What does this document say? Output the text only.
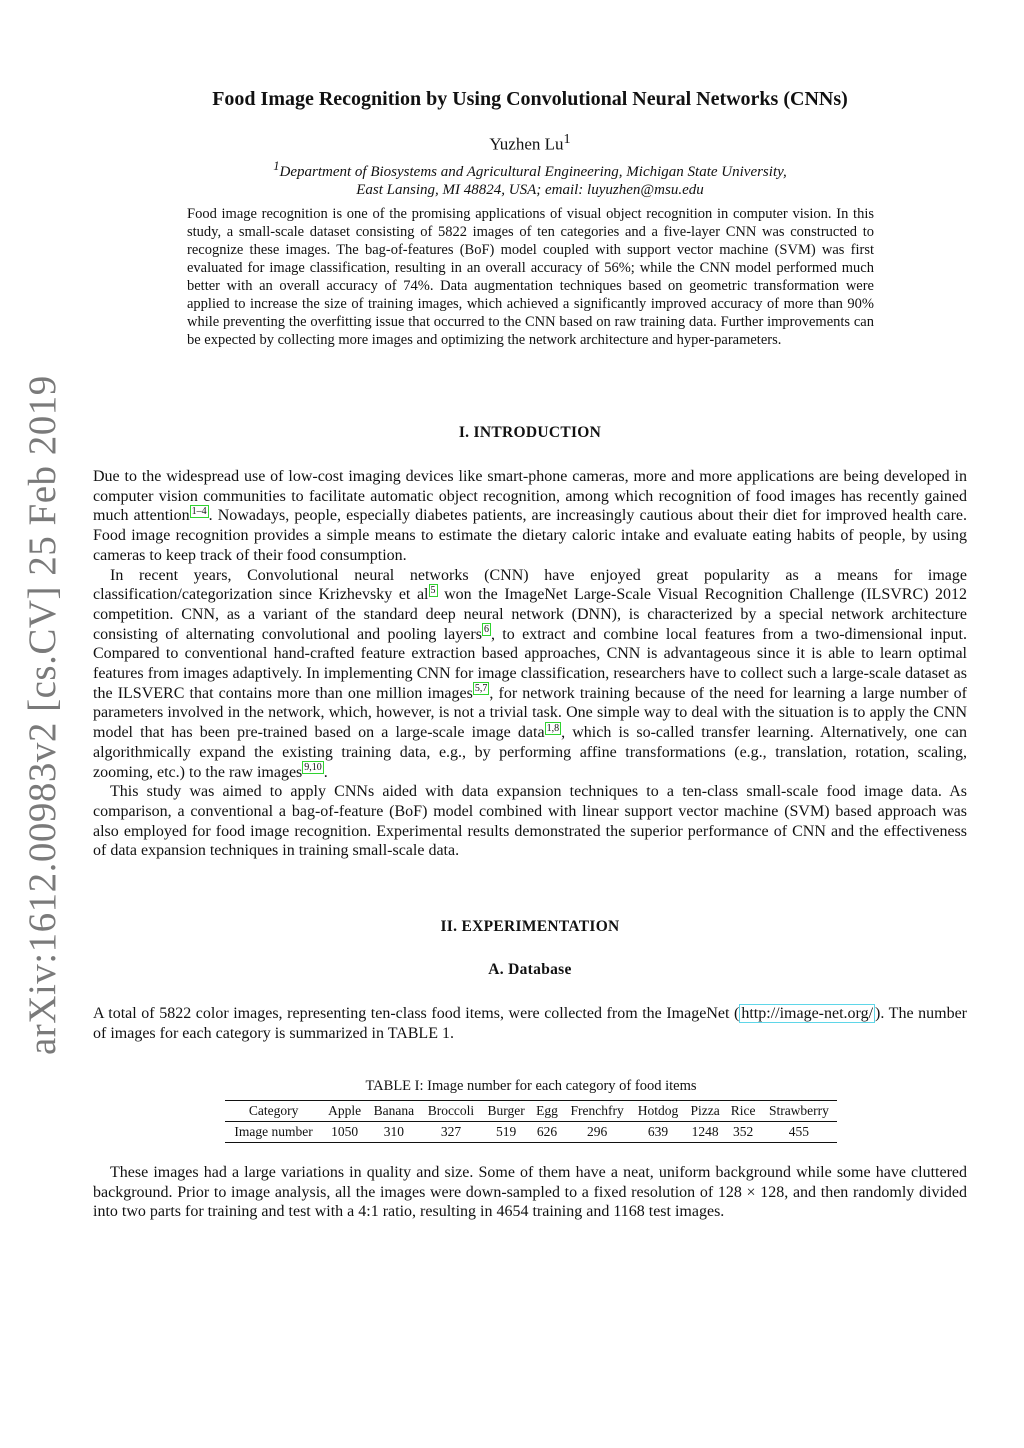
arXiv:1612.00983v2 [cs.CV] 25 Feb 2019
Food Image Recognition by Using Convolutional Neural Networks (CNNs)
Yuzhen Lu$^1$
$^1$Department of Biosystems and Agricultural Engineering, Michigan State University,
East Lansing, MI 48824, USA; email: luyuzhen@msu.edu
Food image recognition is one of the promising applications of visual object recognition in computer vision. In this study, a small-scale dataset consisting of 5822 images of ten categories and a five-layer CNN was constructed to recognize these images. The bag-of-features (BoF) model coupled with support vector machine (SVM) was first evaluated for image classification, resulting in an overall accuracy of 56%; while the CNN model performed much better with an overall accuracy of 74%. Data augmentation techniques based on geometric transformation were applied to increase the size of training images, which achieved a significantly improved accuracy of more than 90% while preventing the overfitting issue that occurred to the CNN based on raw training data. Further improvements can be expected by collecting more images and optimizing the network architecture and hyper-parameters.
I. INTRODUCTION

Due to the widespread use of low-cost imaging devices like smart-phone cameras, more and more applications are being developed in computer vision communities to facilitate automatic object recognition, among which recognition of food images has recently gained much attention $^{1-4}$ . Nowadays, people, especially diabetes patients, are increasingly cautious about their diet for improved health care. Food image recognition provides a simple means to estimate the dietary caloric intake and evaluate eating habits of people, by using cameras to keep track of their food consumption.

In recent years, Convolutional neural networks (CNN) have enjoyed great popularity as a means for image classification/categorization since Krizhevsky et al $^5$ won the ImageNet Large-Scale Visual Recognition Challenge (ILSVRC) 2012 competition. CNN, as a variant of the standard deep neural network (DNN), is characterized by a special network architecture consisting of alternating convolutional and pooling layers $^6$ , to extract and combine local features from a two-dimensional input. Compared to conventional hand-crafted feature extraction based approaches, CNN is advantageous since it is able to learn optimal features from images adaptively. In implementing CNN for image classification, researchers have to collect such a large-scale dataset as the ILSVERC that contains more than one million images $^{5,7}$ , for network training because of the need for learning a large number of parameters involved in the network, which, however, is not a trivial task. One simple way to deal with the situation is to apply the CNN model that has been pre-trained based on a large-scale image data $^{1,8}$ , which is so-called transfer learning. Alternatively, one can algorithmically expand the existing training data, e.g., by performing affine transformations (e.g., translation, rotation, scaling, zooming, etc.) to the raw images $^{9,10}$ .

This study was aimed to apply CNNs aided with data expansion techniques to a ten-class small-scale food image data. As comparison, a conventional a bag-of-feature (BoF) model combined with linear support vector machine (SVM) based approach was also employed for food image recognition. Experimental results demonstrated the superior performance of CNN and the effectiveness of data expansion techniques in training small-scale data.

II. EXPERIMENTATION
A. Database

A total of 5822 color images, representing ten-class food items, were collected from the ImageNet ( http://image-net.org/ ). The number of images for each category is summarized in TABLE 1.

TABLE I: Image number for each category of food items
Category	Apple	Banana	Broccoli	Burger	Egg	Frenchfry	Hotdog	Pizza	Rice	Strawberry
Image number	1050	310	327	519	626	296	639	1248	352	455

These images had a large variations in quality and size. Some of them have a neat, uniform background while some have cluttered background. Prior to image analysis, all the images were down-sampled to a fixed resolution of 128 × 128, and then randomly divided into two parts for training and test with a 4:1 ratio, resulting in 4654 training and 1168 test images.
